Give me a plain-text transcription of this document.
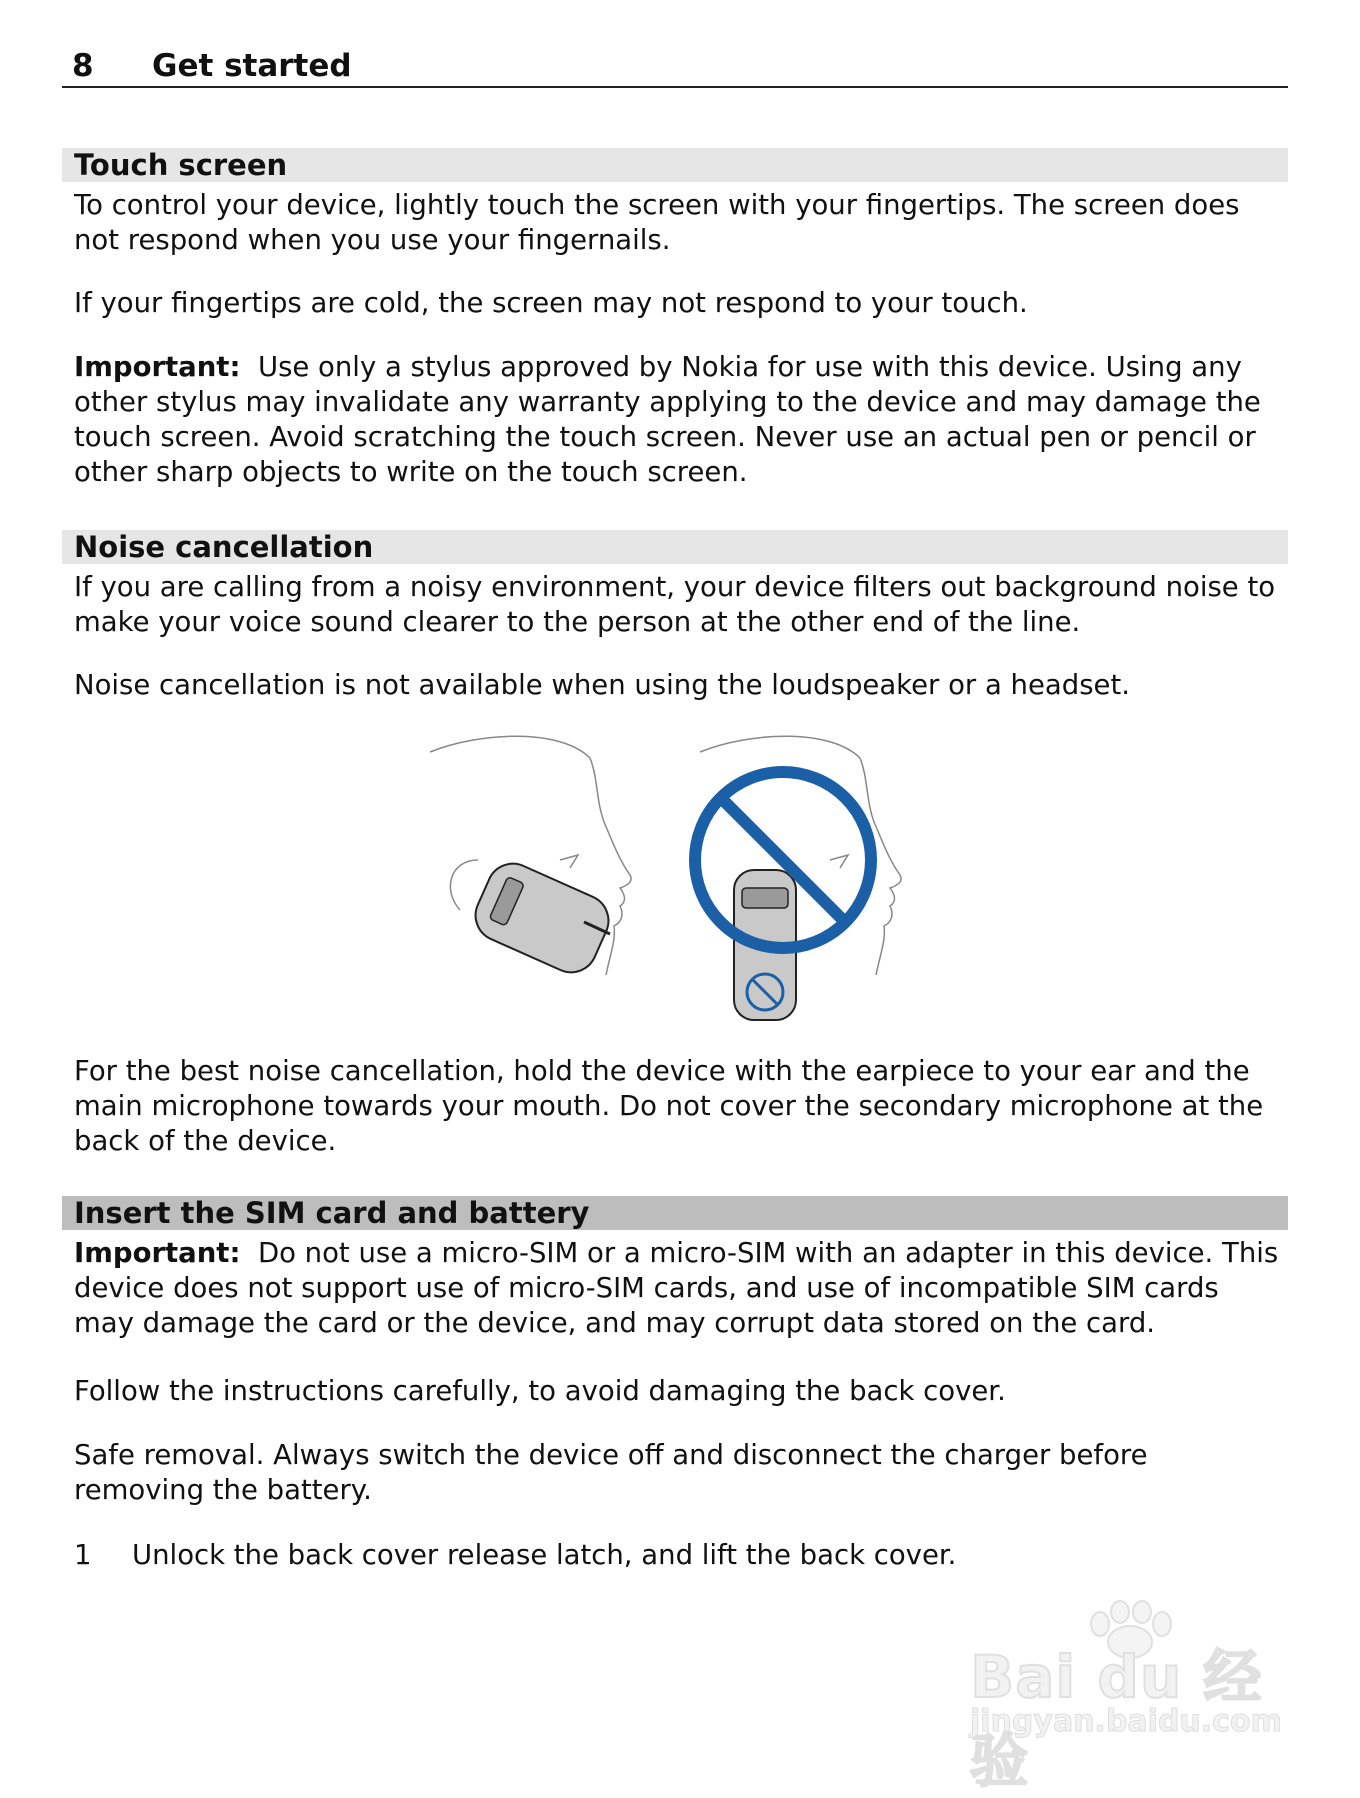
8 Get started
Touch screen

To control your device, lightly touch the screen with your fingertips. The screen does not respond when you use your fingernails.

If your fingertips are cold, the screen may not respond to your touch.

Important: Use only a stylus approved by Nokia for use with this device. Using any other stylus may invalidate any warranty applying to the device and may damage the touch screen. Avoid scratching the touch screen. Never use an actual pen or pencil or other sharp objects to write on the touch screen.

Noise cancellation

If you are calling from a noisy environment, your device filters out background noise to make your voice sound clearer to the person at the other end of the line.

Noise cancellation is not available when using the loudspeaker or a headset.

For the best noise cancellation, hold the device with the earpiece to your ear and the main microphone towards your mouth. Do not cover the secondary microphone at the back of the device.

Insert the SIM card and battery

Important: Do not use a micro-SIM or a micro-SIM with an adapter in this device. This device does not support use of micro-SIM cards, and use of incompatible SIM cards may damage the card or the device, and may corrupt data stored on the card.

Follow the instructions carefully, to avoid damaging the back cover.

Safe removal. Always switch the device off and disconnect the charger before removing the battery.

1 Unlock the back cover release latch, and lift the back cover.
Bai du 经验
jingyan.baidu.com
